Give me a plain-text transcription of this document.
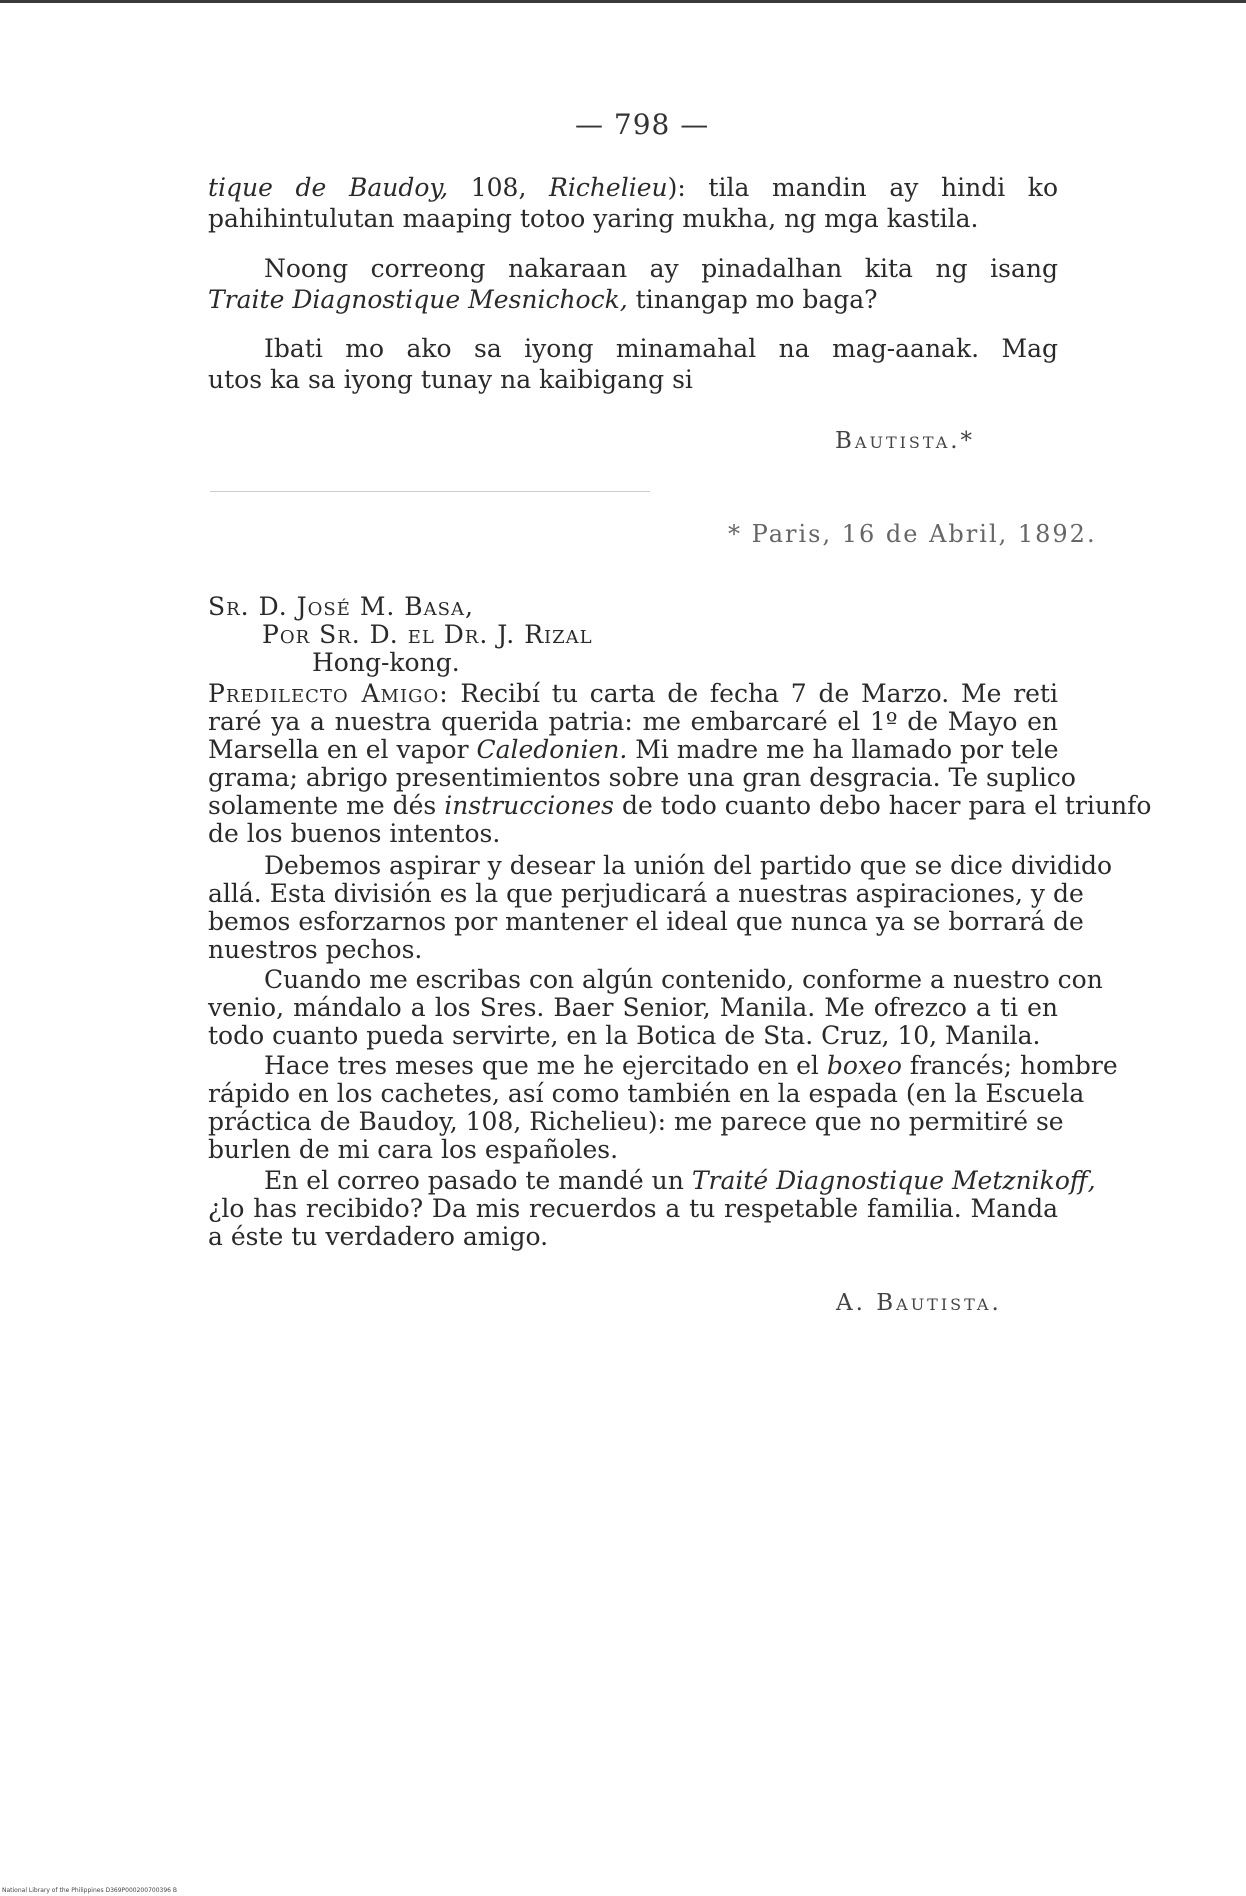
— 798 —
tique de Baudoy, 108, Richelieu): tila mandin ay hindi ko
pahihintulutan maaping totoo yaring mukha, ng mga kastila.
Noong correong nakaraan ay pinadalhan kita ng isang
Traite Diagnostique Mesnichock, tinangap mo baga?
Ibati mo ako sa iyong minamahal na mag-aanak. Mag
utos ka sa iyong tunay na kaibigang si
Bautista.*
* Paris, 16 de Abril, 1892.
Sr. D. José M. Basa,
Por Sr. D. el Dr. J. Rizal
Hong-kong.
Predilecto Amigo: Recibí tu carta de fecha 7 de Marzo. Me reti
raré ya a nuestra querida patria: me embarcaré el 1º de Mayo en
Marsella en el vapor Caledonien. Mi madre me ha llamado por tele
grama; abrigo presentimientos sobre una gran desgracia. Te suplico
solamente me dés instrucciones de todo cuanto debo hacer para el triunfo
de los buenos intentos.
Debemos aspirar y desear la unión del partido que se dice dividido
allá. Esta división es la que perjudicará a nuestras aspiraciones, y de
bemos esforzarnos por mantener el ideal que nunca ya se borrará de
nuestros pechos.
Cuando me escribas con algún contenido, conforme a nuestro con
venio, mándalo a los Sres. Baer Senior, Manila. Me ofrezco a ti en
todo cuanto pueda servirte, en la Botica de Sta. Cruz, 10, Manila.
Hace tres meses que me he ejercitado en el boxeo francés; hombre
rápido en los cachetes, así como también en la espada (en la Escuela
práctica de Baudoy, 108, Richelieu): me parece que no permitiré se
burlen de mi cara los españoles.
En el correo pasado te mandé un Traité Diagnostique Metznikoff,
¿lo has recibido? Da mis recuerdos a tu respetable familia. Manda
a éste tu verdadero amigo.
A. Bautista.
National Library of the Philippines D369P000200700396 B
